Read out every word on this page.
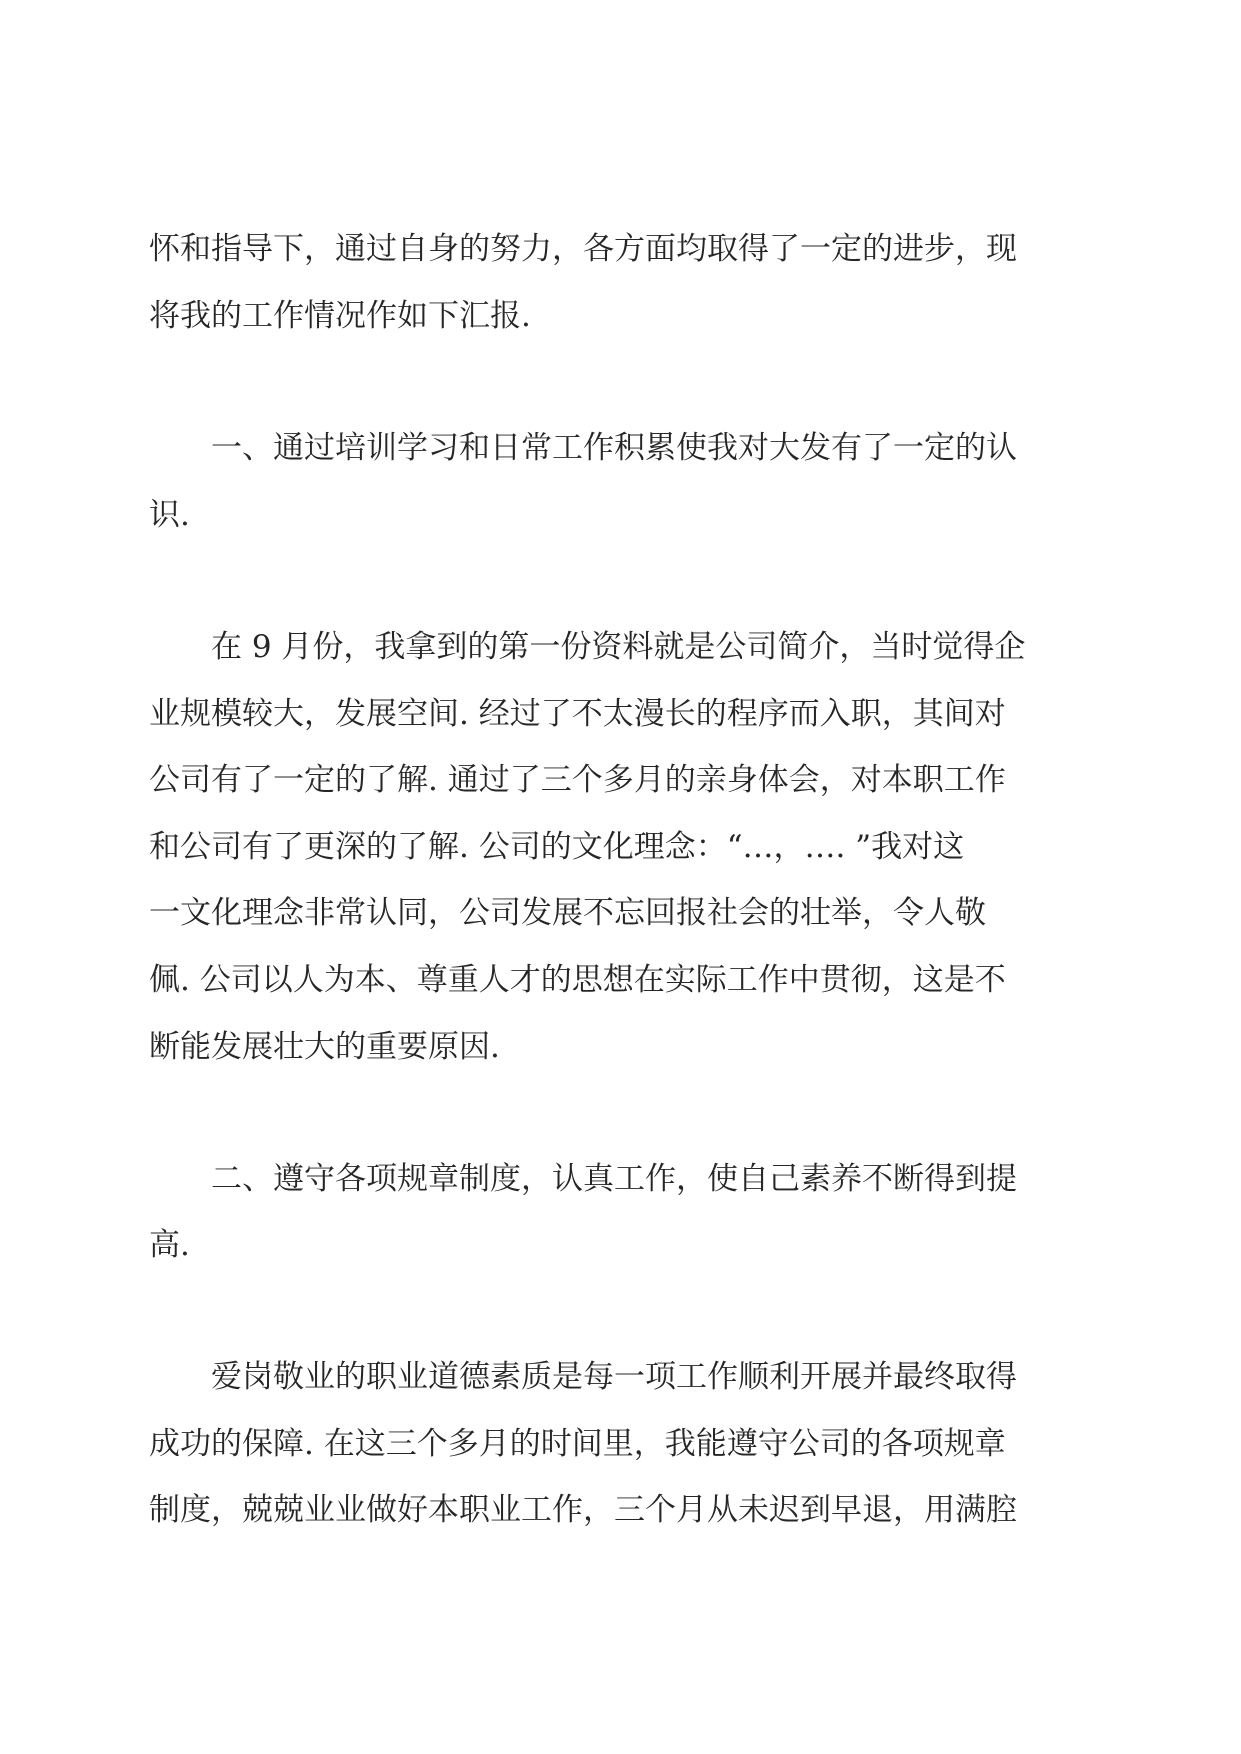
怀和指导下，通过自身的努力，各方面均取得了一定的进步，现
将我的工作情况作如下汇报.
一、通过培训学习和日常工作积累使我对大发有了一定的认
识.
在 9 月份，我拿到的第一份资料就是公司简介，当时觉得企
业规模较大，发展空间. 经过了不太漫长的程序而入职，其间对
公司有了一定的了解. 通过了三个多月的亲身体会，对本职工作
和公司有了更深的了解. 公司的文化理念：“…，…. ”我对这
一文化理念非常认同，公司发展不忘回报社会的壮举，令人敬
佩. 公司以人为本、尊重人才的思想在实际工作中贯彻，这是不
断能发展壮大的重要原因.
二、遵守各项规章制度，认真工作，使自己素养不断得到提
高.
爱岗敬业的职业道德素质是每一项工作顺利开展并最终取得
成功的保障. 在这三个多月的时间里，我能遵守公司的各项规章
制度，兢兢业业做好本职业工作，三个月从未迟到早退，用满腔
